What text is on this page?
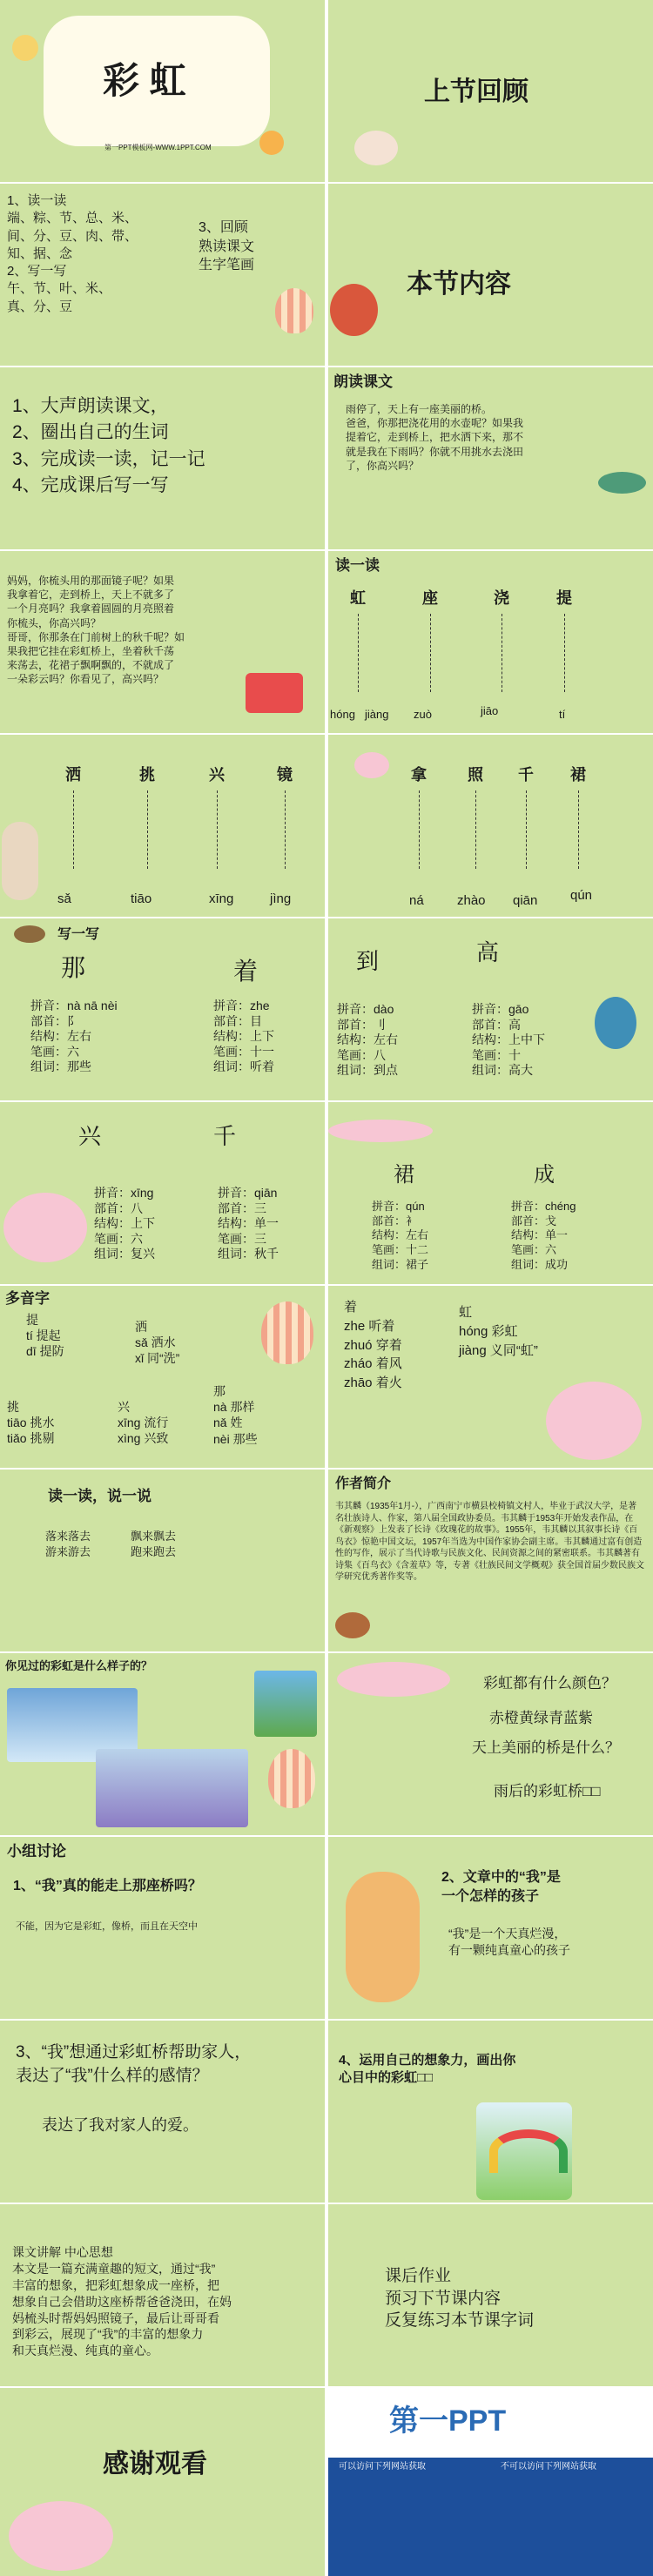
彩 虹
第一PPT模板网-WWW.1PPT.COM
上节回顾
1、读一读
端、粽、节、总、米、
间、分、豆、肉、带、
知、据、念
2、写一写
午、节、叶、米、
真、分、豆
3、回顾
熟读课文
生字笔画
本节内容
1、大声朗读课文，
2、圈出自己的生词
3、完成读一读，记一记
4、完成课后写一写
朗读课文
雨停了，天上有一座美丽的桥。
爸爸，你那把浇花用的水壶呢？如果我
提着它，走到桥上，把水洒下来，那不
就是我在下雨吗？你就不用挑水去浇田
了，你高兴吗？
妈妈，你梳头用的那面镜子呢？如果
我拿着它，走到桥上，天上不就多了
一个月亮吗？我拿着圆圆的月亮照着
你梳头，你高兴吗？
哥哥，你那条在门前树上的秋千呢？如
果我把它挂在彩虹桥上，坐着秋千荡
来荡去，花裙子飘啊飘的，不就成了
一朵彩云吗？你看见了，高兴吗？
读一读
虹	座	浇	提
hóng jiàng zuò	jiāo	tí
洒	挑	兴	镜
sǎ	tiāo	xīng	jìng
拿	照 千 裙
ná	zhào qiān	qún
写一写
那
拼音：nà nā nèi
部首：阝
结构：左右
笔画：六
组词：那些
着
拼音：zhe
部首：目
结构：上下
笔画：十一
组词：听着
到
拼音：dào
部首：刂
结构：左右
笔画：八
组词：到点
高
拼音：gāo
部首：高
结构：上中下
笔画：十
组词：高大
兴	千
拼音：xīng
部首：八
结构：上下
笔画：六
组词：复兴
拼音：qiān
部首：三
结构：单一
笔画：三
组词：秋千
裙	成
拼音：qún
部首：衤
结构：左右
笔画：十二
组词：裙子
拼音：chéng
部首：戈
结构：单一
笔画：六
组词：成功
多音字
提
tí 提起
dī 提防
洒
sǎ 洒水
xǐ 同“洗”
挑
tiāo 挑水
tiǎo 挑剔
兴
xīng 流行
xìng 兴致
那
nà 那样
nǎ 姓
nèi 那些
着
zhe 听着
zhuó 穿着
zháo 着风
zhāo 着火
虹
hóng 彩虹
jiàng 义同“虹”
读一读，说一说
落来落去
游来游去
飘来飘去
跑来跑去
作者简介
韦其麟（1935年1月-），广西南宁市横县校椅镇文村人，毕业于武汉大学，是著名壮族诗人、作家，第八届全国政协委员。韦其麟于1953年开始发表作品，在《新观察》上发表了长诗《玫瑰花的故事》。1955年，韦其麟以其叙事长诗《百鸟衣》惊艳中国文坛，1957年当选为中国作家协会副主席。韦其麟通过富有创造性的写作，展示了当代诗歌与民族文化、民间资源之间的紧密联系。韦其麟著有诗集《百鸟衣》《含羞草》等，专著《壮族民间文学概观》获全国首届少数民族文学研究优秀著作奖等。
你见过的彩虹是什么样子的？
彩虹都有什么颜色？
赤橙黄绿青蓝紫
天上美丽的桥是什么？
雨后的彩虹桥□□
小组讨论
1、“我”真的能走上那座桥吗？
不能，因为它是彩虹，像桥，而且在天空中
2、文章中的“我”是
一个怎样的孩子
“我”是一个天真烂漫，
有一颗纯真童心的孩子
3、“我”想通过彩虹桥帮助家人，
表达了“我”什么样的感情？
表达了我对家人的爱。
4、运用自己的想象力，画出你
心目中的彩虹□□
课文讲解 中心思想
本文是一篇充满童趣的短文，通过“我”
丰富的想象，把彩虹想象成一座桥，把
想象自己会借助这座桥帮爸爸浇田，在妈
妈梳头时帮妈妈照镜子，最后让哥哥看
到彩云，展现了“我”的丰富的想象力
和天真烂漫、纯真的童心。
课后作业
预习下节课内容
反复练习本节课字词
感谢观看
第一PPT
可以访问下列网站获取	不可以访问下列网站获取
